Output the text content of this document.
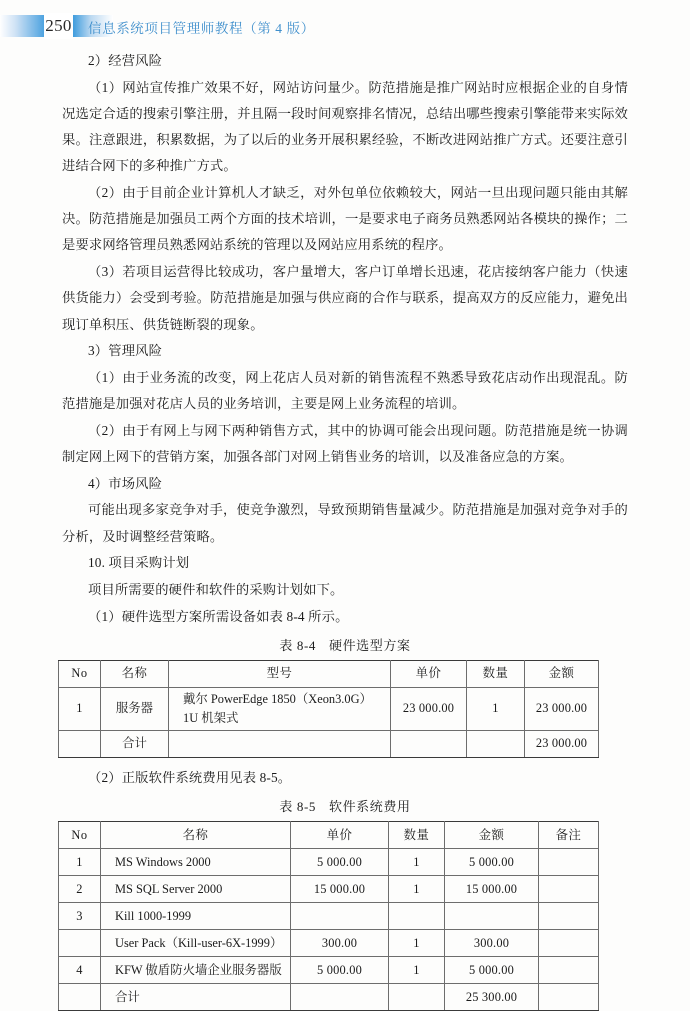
250 信息系统项目管理师教程（第 4 版）

2）经营风险

（1）网站宣传推广效果不好，网站访问量少。防范措施是推广网站时应根据企业的自身情况选定合适的搜索引擎注册，并且隔一段时间观察排名情况，总结出哪些搜索引擎能带来实际效果。注意跟进，积累数据，为了以后的业务开展积累经验，不断改进网站推广方式。还要注意引进结合网下的多种推广方式。

（2）由于目前企业计算机人才缺乏，对外包单位依赖较大，网站一旦出现问题只能由其解决。防范措施是加强员工两个方面的技术培训，一是要求电子商务员熟悉网站各模块的操作；二是要求网络管理员熟悉网站系统的管理以及网站应用系统的程序。

（3）若项目运营得比较成功，客户量增大，客户订单增长迅速，花店接纳客户能力（快速供货能力）会受到考验。防范措施是加强与供应商的合作与联系，提高双方的反应能力，避免出现订单积压、供货链断裂的现象。

3）管理风险

（1）由于业务流的改变，网上花店人员对新的销售流程不熟悉导致花店动作出现混乱。防范措施是加强对花店人员的业务培训，主要是网上业务流程的培训。

（2）由于有网上与网下两种销售方式，其中的协调可能会出现问题。防范措施是统一协调制定网上网下的营销方案，加强各部门对网上销售业务的培训，以及准备应急的方案。

4）市场风险

可能出现多家竞争对手，使竞争激烈，导致预期销售量减少。防范措施是加强对竞争对手的分析，及时调整经营策略。

10. 项目采购计划

项目所需要的硬件和软件的采购计划如下。

（1）硬件选型方案所需设备如表 8-4 所示。

表 8-4 硬件选型方案
No	名称	型号	单价	数量	金额
1	服务器	戴尔 PowerEdge 1850（Xeon3.0G）1U 机架式	23 000.00	1	23 000.00
	合计				23 000.00

（2）正版软件系统费用见表 8-5。

表 8-5 软件系统费用
No	名称	单价	数量	金额	备注
1	MS Windows 2000	5 000.00	1	5 000.00	
2	MS SQL Server 2000	15 000.00	1	15 000.00	
3	Kill 1000-1999				
	User Pack（Kill-user-6X-1999）	300.00	1	300.00	
4	KFW 傲盾防火墙企业服务器版	5 000.00	1	5 000.00	
	合计			25 300.00	
